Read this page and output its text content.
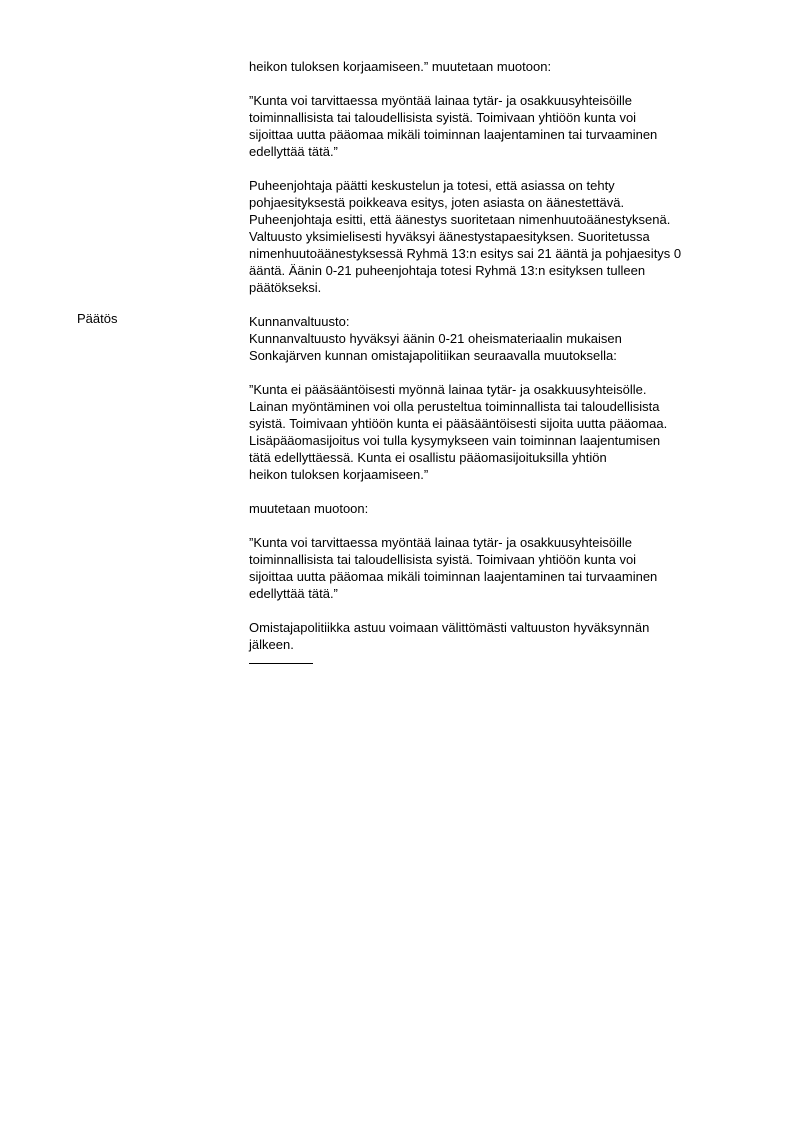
Päätös
heikon tuloksen korjaamiseen.” muutetaan muotoon:
”Kunta voi tarvittaessa myöntää lainaa tytär- ja osakkuusyhteisöille
toiminnallisista tai taloudellisista syistä. Toimivaan yhtiöön kunta voi
sijoittaa uutta pääomaa mikäli toiminnan laajentaminen tai turvaaminen
edellyttää tätä.”
Puheenjohtaja päätti keskustelun ja totesi, että asiassa on tehty
pohjaesityksestä poikkeava esitys, joten asiasta on äänestettävä.
Puheenjohtaja esitti, että äänestys suoritetaan nimenhuutoäänestyksenä.
Valtuusto yksimielisesti hyväksyi äänestystapaesityksen. Suoritetussa
nimenhuutoäänestyksessä Ryhmä 13:n esitys sai 21 ääntä ja pohjaesitys 0
ääntä. Äänin 0-21 puheenjohtaja totesi Ryhmä 13:n esityksen tulleen
päätökseksi.
Kunnanvaltuusto:
Kunnanvaltuusto hyväksyi äänin 0-21 oheismateriaalin mukaisen
Sonkajärven kunnan omistajapolitiikan seuraavalla muutoksella:
”Kunta ei pääsääntöisesti myönnä lainaa tytär- ja osakkuusyhteisölle.
Lainan myöntäminen voi olla perusteltua toiminnallista tai taloudellisista
syistä. Toimivaan yhtiöön kunta ei pääsääntöisesti sijoita uutta pääomaa.
Lisäpääomasijoitus voi tulla kysymykseen vain toiminnan laajentumisen
tätä edellyttäessä. Kunta ei osallistu pääomasijoituksilla yhtiön
heikon tuloksen korjaamiseen.”
muutetaan muotoon:
”Kunta voi tarvittaessa myöntää lainaa tytär- ja osakkuusyhteisöille
toiminnallisista tai taloudellisista syistä. Toimivaan yhtiöön kunta voi
sijoittaa uutta pääomaa mikäli toiminnan laajentaminen tai turvaaminen
edellyttää tätä.”
Omistajapolitiikka astuu voimaan välittömästi valtuuston hyväksynnän
jälkeen.
